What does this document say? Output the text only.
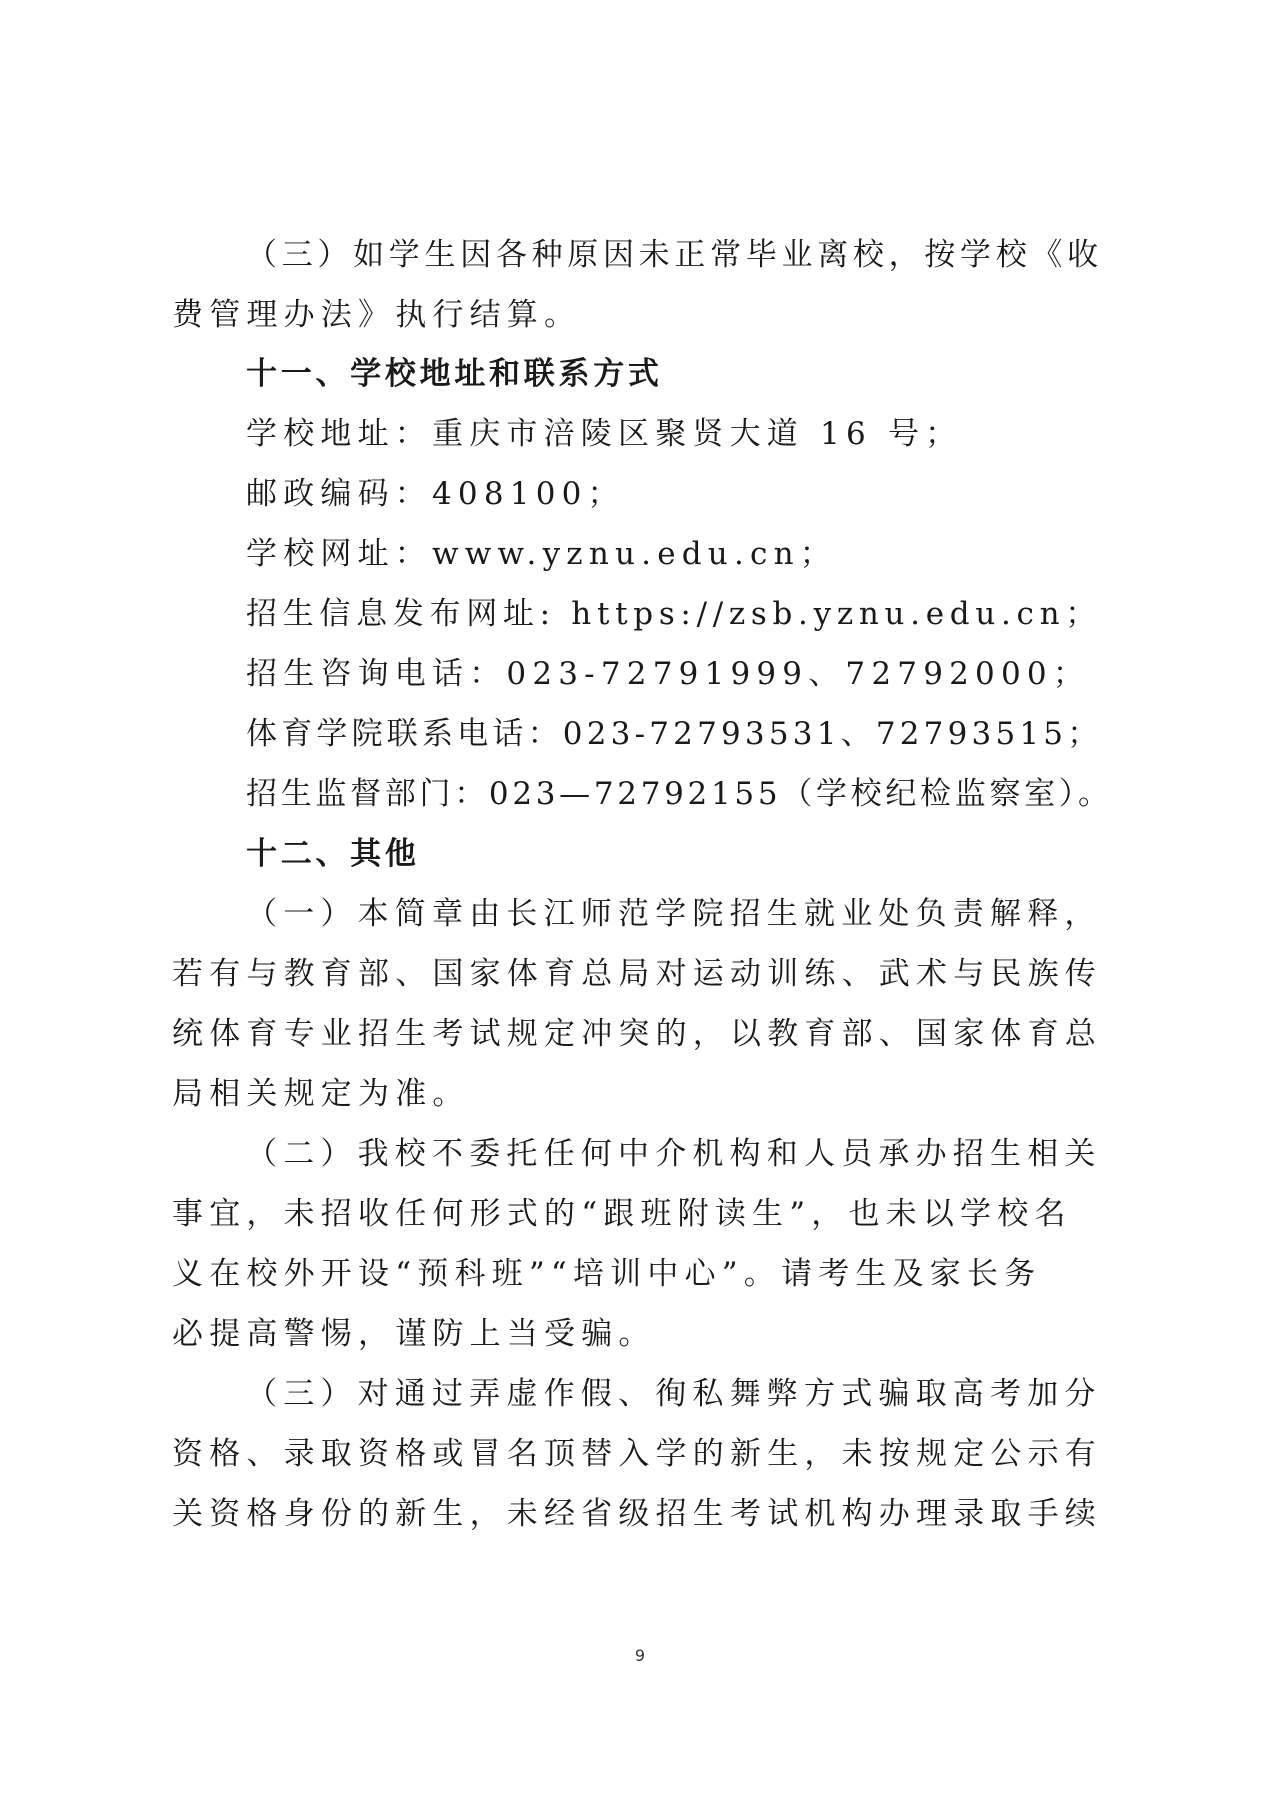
（三）如学生因各种原因未正常毕业离校，按学校《收
费管理办法》执行结算。
十一、学校地址和联系方式
学校地址：重庆市涪陵区聚贤大道 16 号；
邮政编码：408100；
学校网址：www.yznu.edu.cn；
招生信息发布网址: https://zsb.yznu.edu.cn；
招生咨询电话：023-72791999、72792000；
体育学院联系电话：023-72793531、72793515；
招生监督部门：023—72792155（学校纪检监察室）。
十二、其他
（一）本简章由长江师范学院招生就业处负责解释，
若有与教育部、国家体育总局对运动训练、武术与民族传
统体育专业招生考试规定冲突的，以教育部、国家体育总
局相关规定为准。
（二）我校不委托任何中介机构和人员承办招生相关
事宜，未招收任何形式的“跟班附读生”，也未以学校名
义在校外开设“预科班”“培训中心”。请考生及家长务
必提高警惕，谨防上当受骗。
（三）对通过弄虚作假、徇私舞弊方式骗取高考加分
资格、录取资格或冒名顶替入学的新生，未按规定公示有
关资格身份的新生，未经省级招生考试机构办理录取手续
9
